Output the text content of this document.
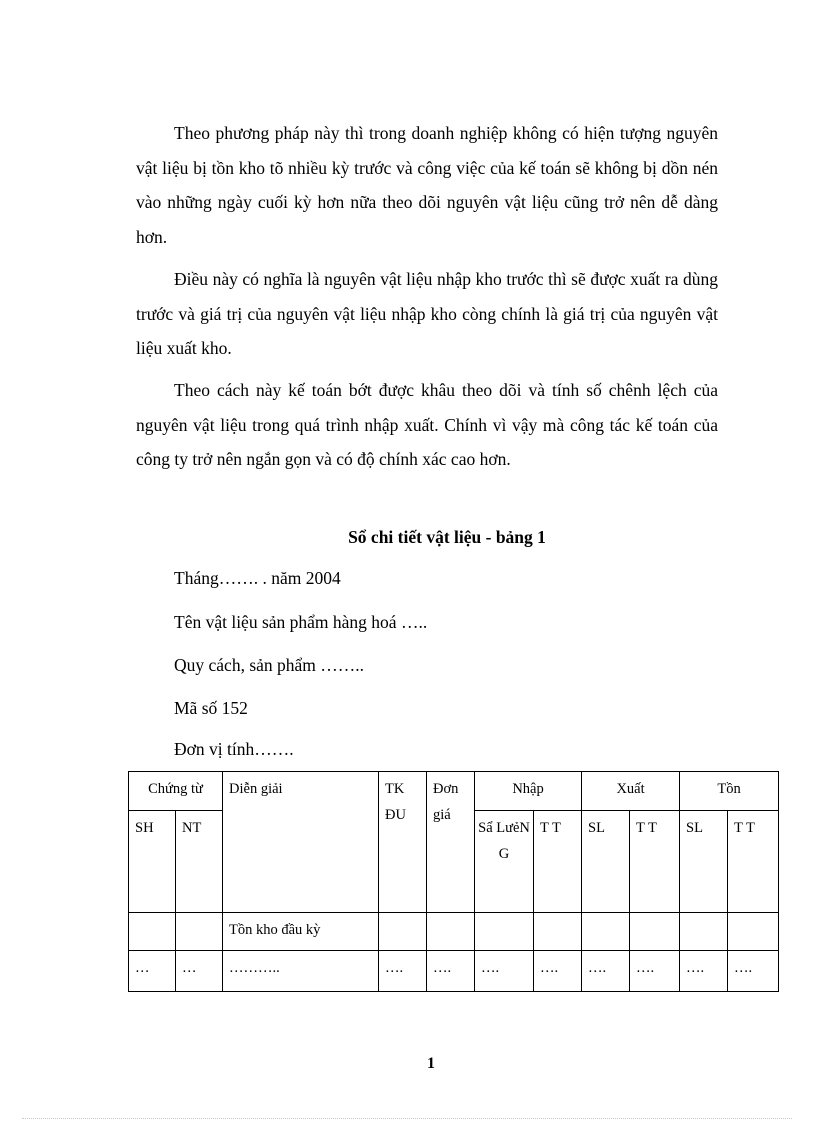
Theo phương pháp này thì trong doanh nghiệp không có hiện tượng nguyên vật liệu bị tồn kho tõ nhiều kỳ trước và công việc của kế toán sẽ không bị dồn nén vào những ngày cuối kỳ hơn nữa theo dõi nguyên vật liệu cũng trở nên dễ dàng hơn.

Điều này có nghĩa là nguyên vật liệu nhập kho trước thì sẽ được xuất ra dùng trước và giá trị của nguyên vật liệu nhập kho còng chính là giá trị của nguyên vật liệu xuất kho.

Theo cách này kế toán bớt được khâu theo dõi và tính số chênh lệch của nguyên vật liệu trong quá trình nhập xuất. Chính vì vậy mà công tác kế toán của công ty trở nên ngắn gọn và có độ chính xác cao hơn.

Sổ chi tiết vật liệu - bảng 1

Tháng……. . năm 2004

Tên vật liệu sản phẩm hàng hoá …..

Quy cách, sản phẩm ……..

Mã số 152

Đơn vị tính…….

Chứng từ		Diễn giải	TK ĐU	Đơn giá	Nhập		Xuất		Tồn	
SH	NT				Sẩ LưẻN G	T T	SL	T T	SL	T T
		Tồn kho đầu kỳ								
…	…	………..	….	….	….	….	….	….	….	….

1
